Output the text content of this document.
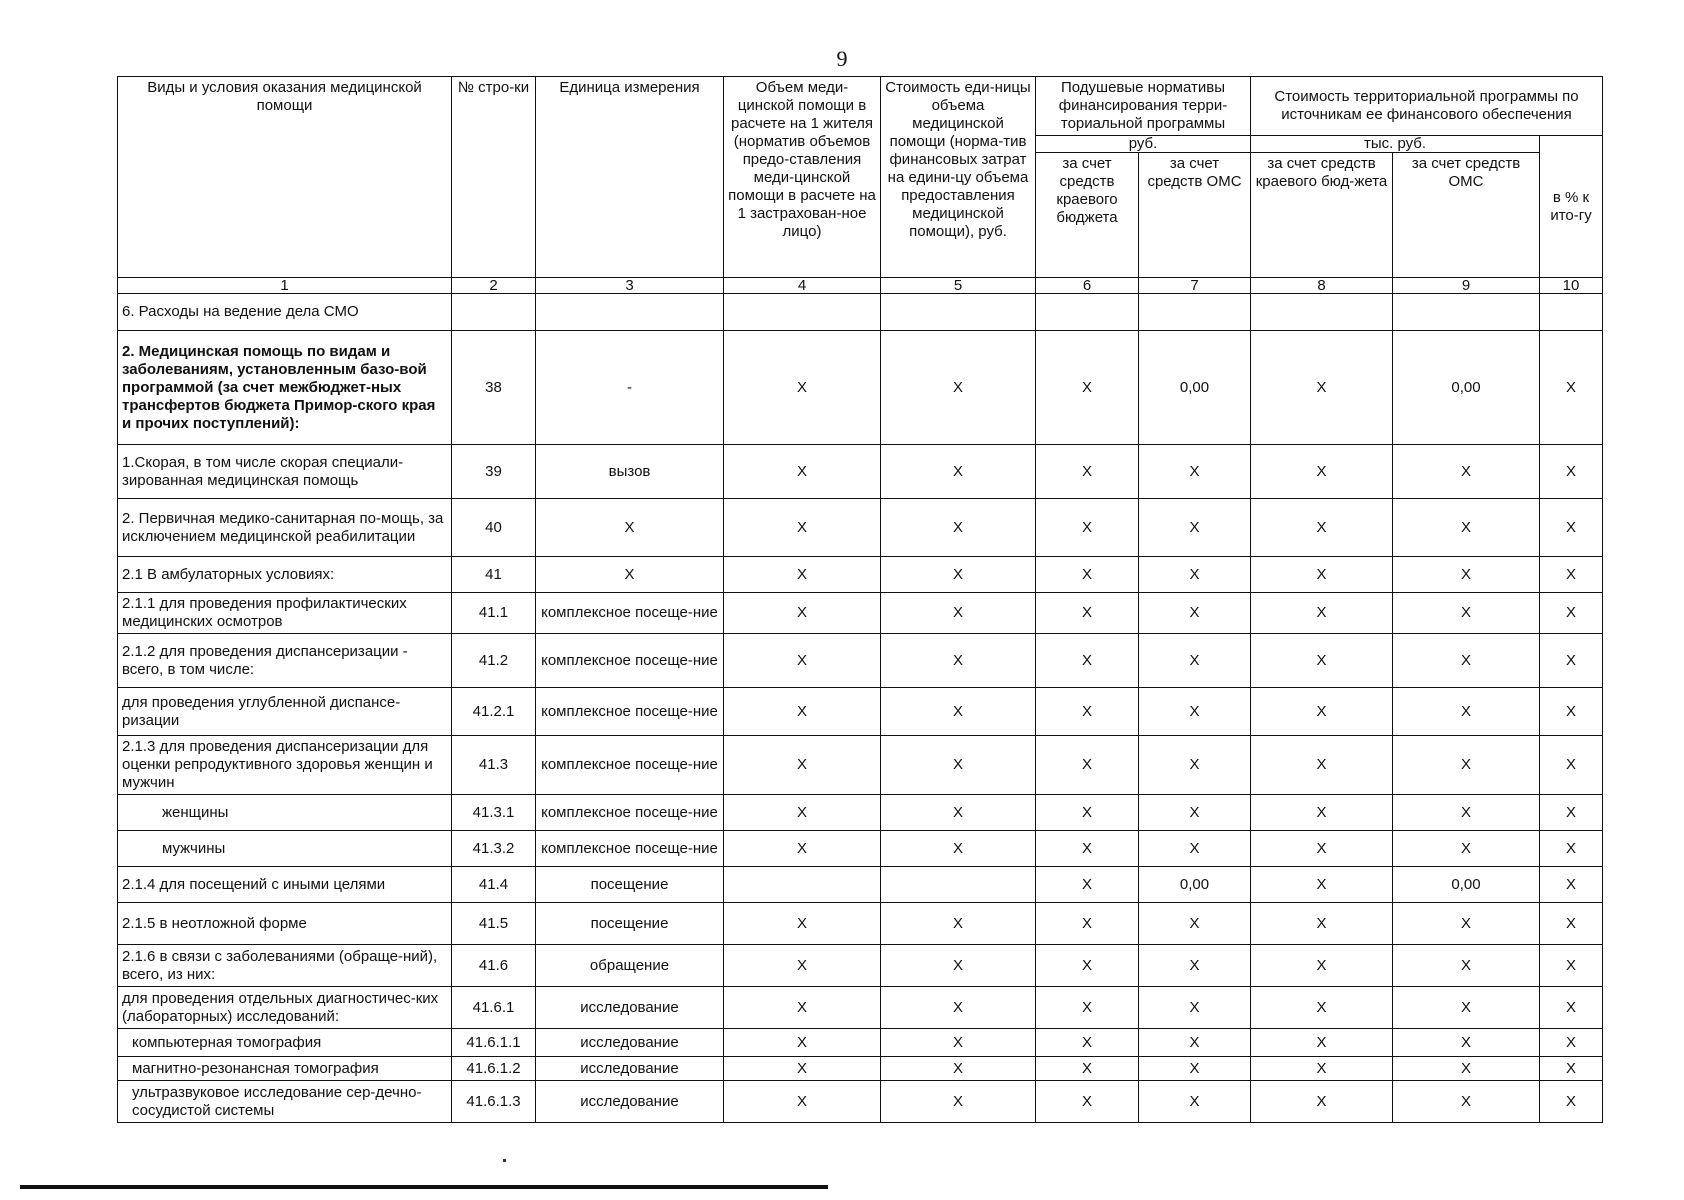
9
Виды и условия оказания медицинской помощи	№ стро-ки	Единица измерения	Объем меди-цинской помощи в расчете на 1 жителя (норматив объемов предо-ставления меди-цинской помощи в расчете на 1 застрахован-ное лицо)	Стоимость еди-ницы объема медицинской помощи (норма-тив финансовых затрат на едини-цу объема предоставления медицинской помощи), руб.	Подушевые нормативы финансирования терри-ториальной программы		Стоимость территориальной программы по источникам ее финансового обеспечения		
					руб.		тыс. руб.		в % к ито-гу
					за счет средств краевого бюджета	за счет средств ОМС	за счет средств краевого бюд-жета	за счет средств ОМС	
1	2	3	4	5	6	7	8	9	10
6. Расходы на ведение дела СМО									
2. Медицинская помощь по видам и заболеваниям, установленным базо-вой программой (за счет межбюджет-ных трансфертов бюджета Примор-ского края и прочих поступлений):	38	-	X	X	X	0,00	X	0,00	X
1.Скорая, в том числе скорая специали-зированная медицинская помощь	39	вызов	X	X	X	X	X	X	X
2. Первичная медико-санитарная по-мощь, за исключением медицинской реабилитации	40	X	X	X	X	X	X	X	X
2.1 В амбулаторных условиях:	41	X	X	X	X	X	X	X	X
2.1.1 для проведения профилактических медицинских осмотров	41.1	комплексное посеще-ние	X	X	X	X	X	X	X
2.1.2 для проведения диспансеризации - всего, в том числе:	41.2	комплексное посеще-ние	X	X	X	X	X	X	X
для проведения углубленной диспансе-ризации	41.2.1	комплексное посеще-ние	X	X	X	X	X	X	X
2.1.3 для проведения диспансеризации для оценки репродуктивного здоровья женщин и мужчин	41.3	комплексное посеще-ние	X	X	X	X	X	X	X
женщины	41.3.1	комплексное посеще-ние	X	X	X	X	X	X	X
мужчины	41.3.2	комплексное посеще-ние	X	X	X	X	X	X	X
2.1.4 для посещений с иными целями	41.4	посещение			X	0,00	X	0,00	X
2.1.5 в неотложной форме	41.5	посещение	X	X	X	X	X	X	X
2.1.6 в связи с заболеваниями (обраще-ний), всего, из них:	41.6	обращение	X	X	X	X	X	X	X
для проведения отдельных диагностичес-ких (лабораторных) исследований:	41.6.1	исследование	X	X	X	X	X	X	X
компьютерная томография	41.6.1.1	исследование	X	X	X	X	X	X	X
магнитно-резонансная томография	41.6.1.2	исследование	X	X	X	X	X	X	X
ультразвуковое исследование сер-дечно-сосудистой системы	41.6.1.3	исследование	X	X	X	X	X	X	X
